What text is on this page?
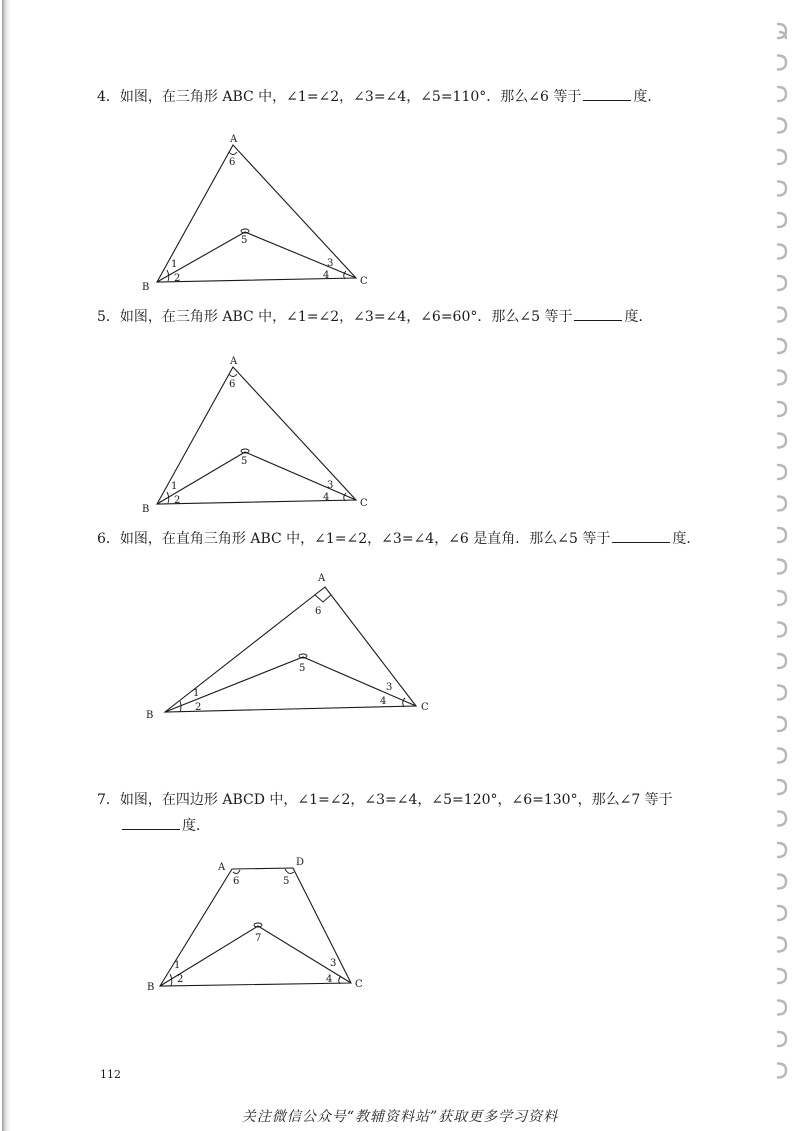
4．如图，在三角形 ABC 中，∠1=∠2，∠3=∠4，∠5=110°．那么∠6 等于	度．
A
B
C
6
5
1
2
3
4
5．如图，在三角形 ABC 中，∠1=∠2，∠3=∠4，∠6=60°．那么∠5 等于	度．
A
B
C
6
5
1
2
3
4
6．如图，在直角三角形 ABC 中，∠1=∠2，∠3=∠4，∠6 是直角．那么∠5 等于	度．
A
B
C
6
5
1
2
3
4
7．如图，在四边形 ABCD 中，∠1=∠2，∠3=∠4，∠5=120°，∠6=130°，那么∠7 等于
度．
A	D
B	C
6	5
7
1
2
3
4
112
关注微信公众号“教辅资料站”获取更多学习资料
